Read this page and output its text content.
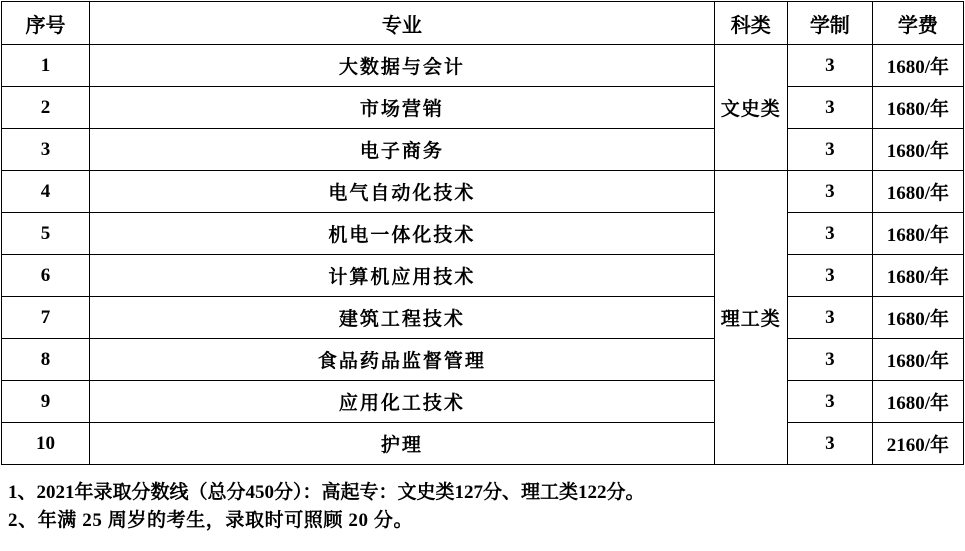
序号	专业	科类	学制	学费
1	大数据与会计	文史类	3	1680/年
2	市场营销		3	1680/年
3	电子商务		3	1680/年
4	电气自动化技术	理工类	3	1680/年
5	机电一体化技术		3	1680/年
6	计算机应用技术		3	1680/年
7	建筑工程技术		3	1680/年
8	食品药品监督管理		3	1680/年
9	应用化工技术		3	1680/年
10	护理		3	2160/年
1、2021年录取分数线（总分450分）：高起专：文史类127分、理工类122分。
2、年满 25 周岁的考生，录取时可照顾 20 分。
